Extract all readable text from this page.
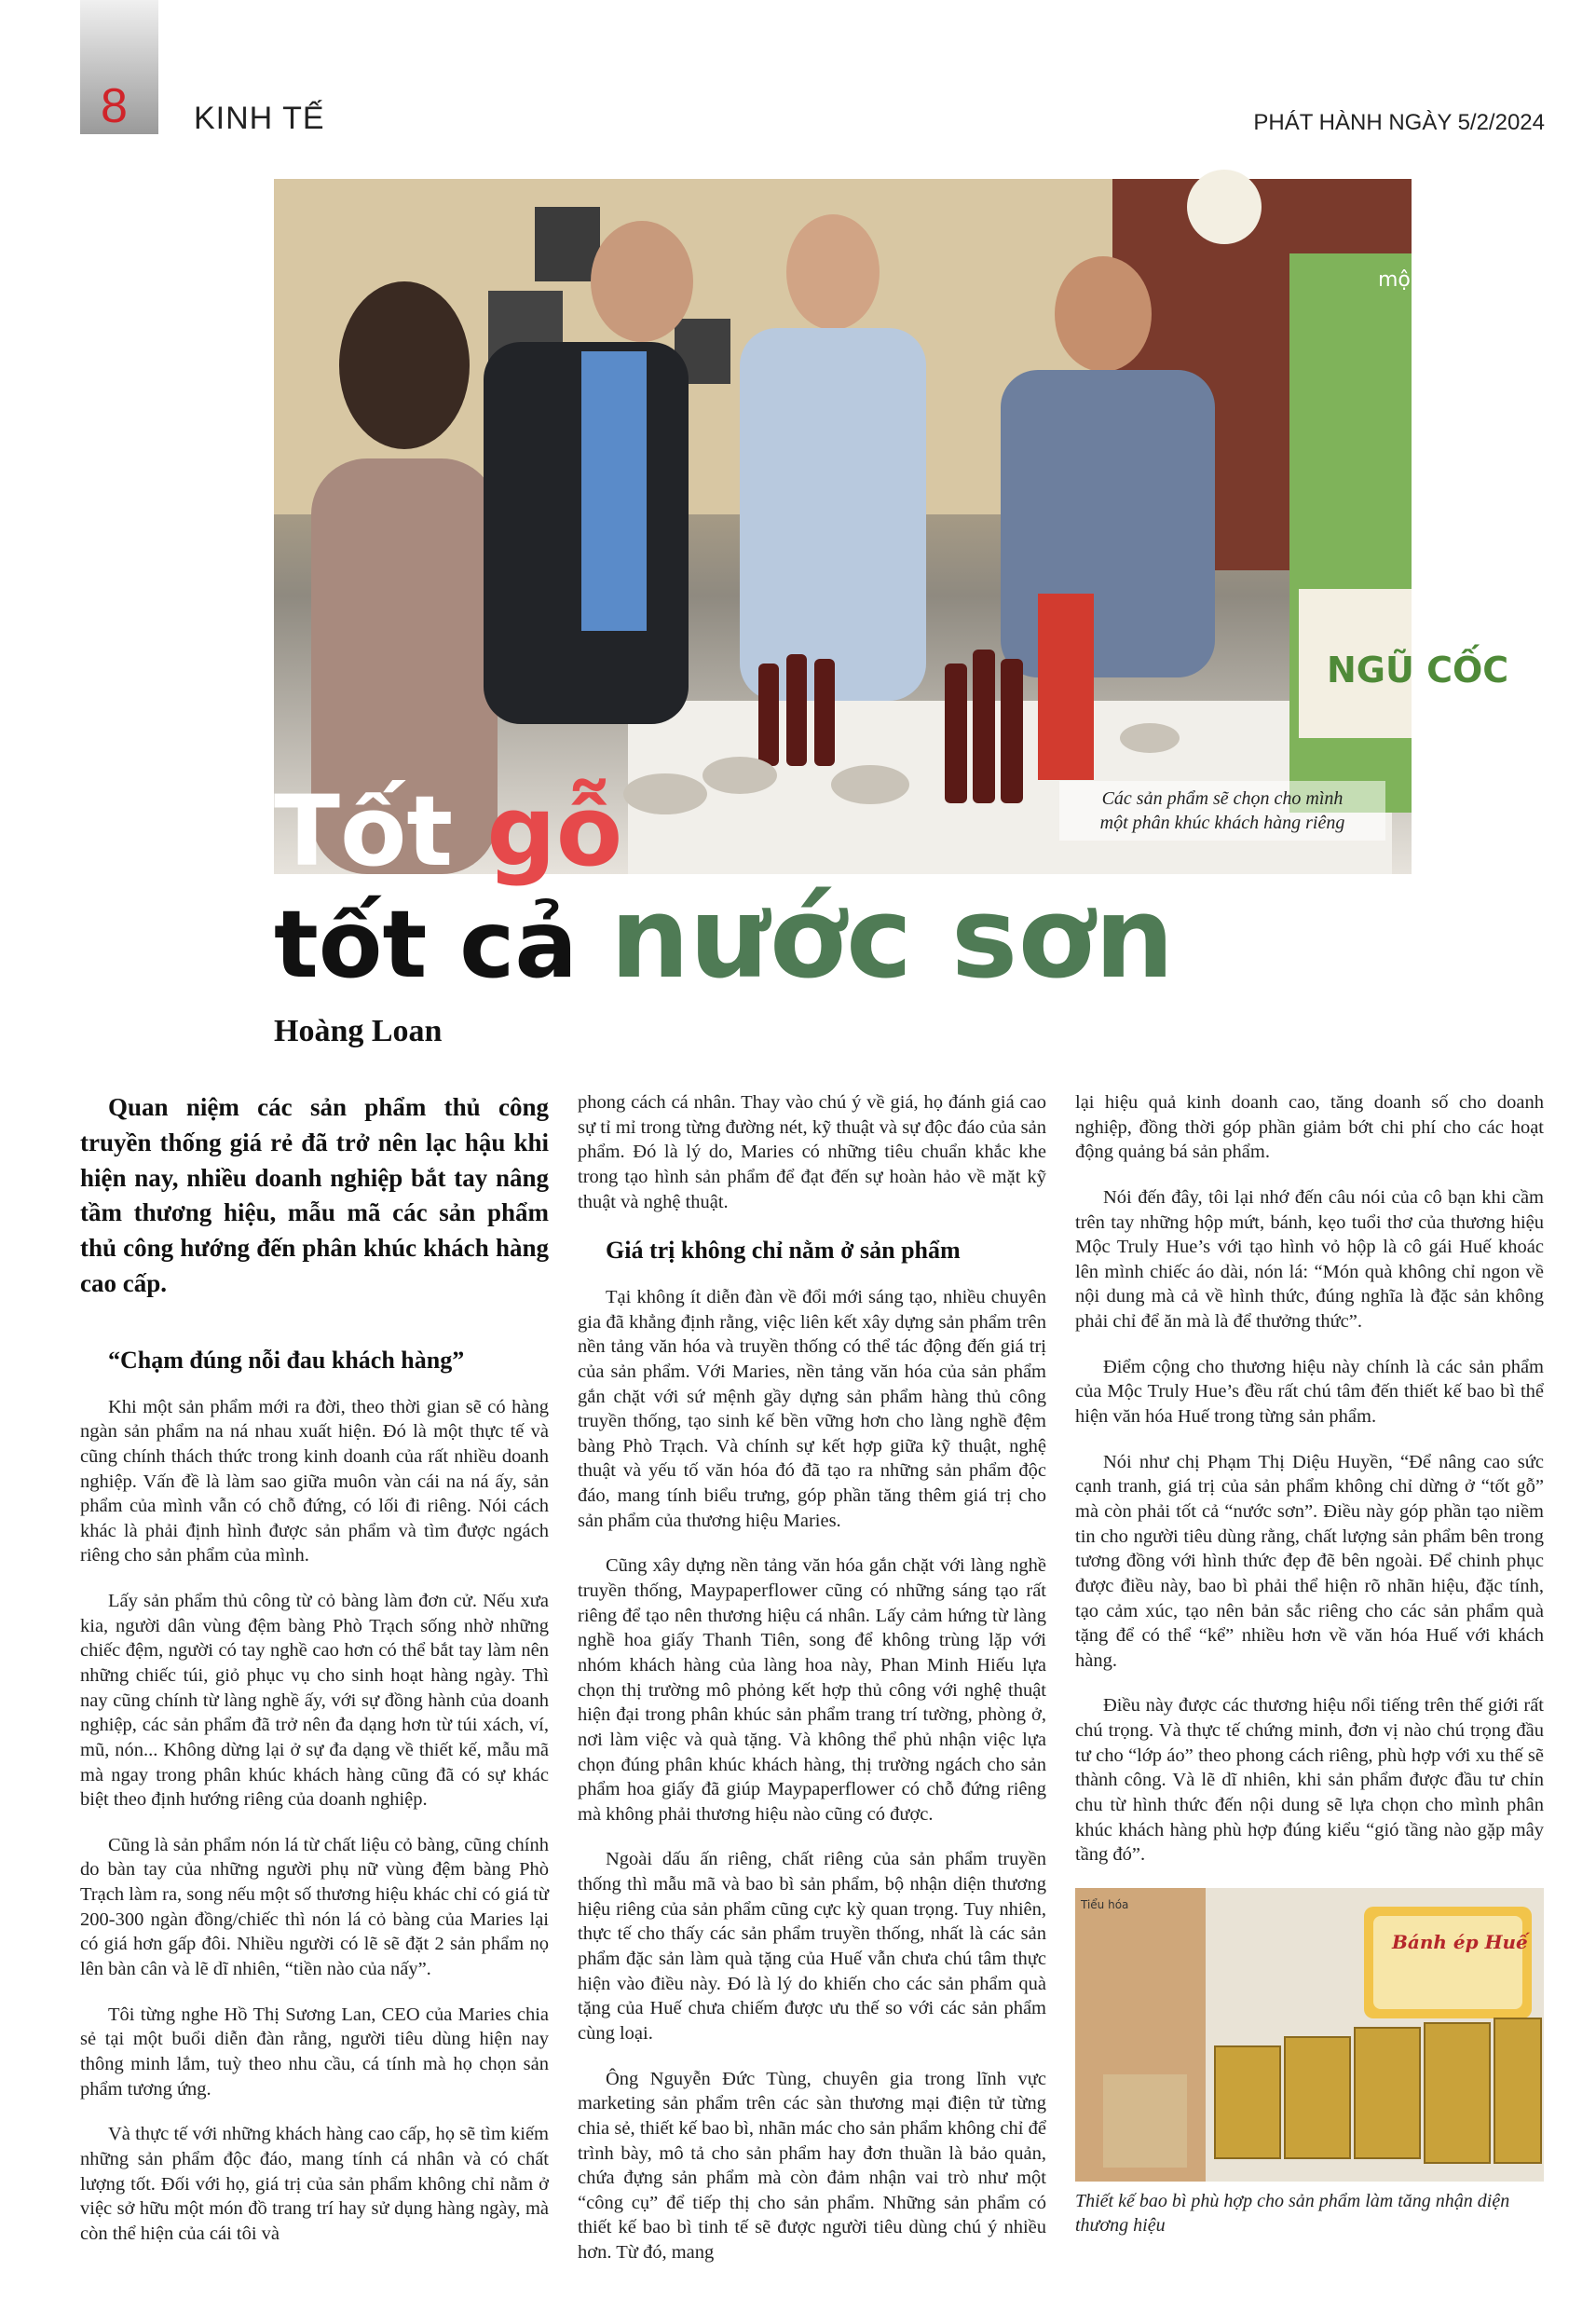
8 KINH TẾ	PHÁT HÀNH NGÀY 5/2/2024
NGŨ CỐC
mộc
Các sản phẩm sẽ chọn cho mình
một phân khúc khách hàng riêng
Tốt gỗ
tốt cả nước sơn
Hoàng Loan
Quan niệm các sản phẩm thủ công truyền thống giá rẻ đã trở nên lạc hậu khi hiện nay, nhiều doanh nghiệp bắt tay nâng tầm thương hiệu, mẫu mã các sản phẩm thủ công hướng đến phân khúc khách hàng cao cấp.
“Chạm đúng nỗi đau khách hàng”

Khi một sản phẩm mới ra đời, theo thời gian sẽ có hàng ngàn sản phẩm na ná nhau xuất hiện. Đó là một thực tế và cũng chính thách thức trong kinh doanh của rất nhiều doanh nghiệp. Vấn đề là làm sao giữa muôn vàn cái na ná ấy, sản phẩm của mình vẫn có chỗ đứng, có lối đi riêng. Nói cách khác là phải định hình được sản phẩm và tìm được ngách riêng cho sản phẩm của mình.

Lấy sản phẩm thủ công từ cỏ bàng làm đơn cử. Nếu xưa kia, người dân vùng đệm bàng Phò Trạch sống nhờ những chiếc đệm, người có tay nghề cao hơn có thể bắt tay làm nên những chiếc túi, giỏ phục vụ cho sinh hoạt hàng ngày. Thì nay cũng chính từ làng nghề ấy, với sự đồng hành của doanh nghiệp, các sản phẩm đã trở nên đa dạng hơn từ túi xách, ví, mũ, nón... Không dừng lại ở sự đa dạng về thiết kế, mẫu mã mà ngay trong phân khúc khách hàng cũng đã có sự khác biệt theo định hướng riêng của doanh nghiệp.

Cũng là sản phẩm nón lá từ chất liệu cỏ bàng, cũng chính do bàn tay của những người phụ nữ vùng đệm bàng Phò Trạch làm ra, song nếu một số thương hiệu khác chỉ có giá từ 200-300 ngàn đồng/chiếc thì nón lá cỏ bàng của Maries lại có giá hơn gấp đôi. Nhiều người có lẽ sẽ đặt 2 sản phẩm nọ lên bàn cân và lẽ dĩ nhiên, “tiền nào của nấy”.

Tôi từng nghe Hồ Thị Sương Lan, CEO của Maries chia sẻ tại một buổi diễn đàn rằng, người tiêu dùng hiện nay thông minh lắm, tuỳ theo nhu cầu, cá tính mà họ chọn sản phẩm tương ứng.

Và thực tế với những khách hàng cao cấp, họ sẽ tìm kiếm những sản phẩm độc đáo, mang tính cá nhân và có chất lượng tốt. Đối với họ, giá trị của sản phẩm không chỉ nằm ở việc sở hữu một món đồ trang trí hay sử dụng hàng ngày, mà còn thể hiện của cái tôi và

phong cách cá nhân. Thay vào chú ý về giá, họ đánh giá cao sự tỉ mỉ trong từng đường nét, kỹ thuật và sự độc đáo của sản phẩm. Đó là lý do, Maries có những tiêu chuẩn khắc khe trong tạo hình sản phẩm để đạt đến sự hoàn hảo về mặt kỹ thuật và nghệ thuật.

Giá trị không chỉ nằm ở sản phẩm

Tại không ít diễn đàn về đổi mới sáng tạo, nhiều chuyên gia đã khẳng định rằng, việc liên kết xây dựng sản phẩm trên nền tảng văn hóa và truyền thống có thể tác động đến giá trị của sản phẩm. Với Maries, nền tảng văn hóa của sản phẩm gắn chặt với sứ mệnh gầy dựng sản phẩm hàng thủ công truyền thống, tạo sinh kế bền vững hơn cho làng nghề đệm bàng Phò Trạch. Và chính sự kết hợp giữa kỹ thuật, nghệ thuật và yếu tố văn hóa đó đã tạo ra những sản phẩm độc đáo, mang tính biểu trưng, góp phần tăng thêm giá trị cho sản phẩm của thương hiệu Maries.

Cũng xây dựng nền tảng văn hóa gắn chặt với làng nghề truyền thống, Maypaperflower cũng có những sáng tạo rất riêng để tạo nên thương hiệu cá nhân. Lấy cảm hứng từ làng nghề hoa giấy Thanh Tiên, song để không trùng lặp với nhóm khách hàng của làng hoa này, Phan Minh Hiếu lựa chọn thị trường mô phỏng kết hợp thủ công với nghệ thuật hiện đại trong phân khúc sản phẩm trang trí tường, phòng ở, nơi làm việc và quà tặng. Và không thể phủ nhận việc lựa chọn đúng phân khúc khách hàng, thị trường ngách cho sản phẩm hoa giấy đã giúp Maypaperflower có chỗ đứng riêng mà không phải thương hiệu nào cũng có được.

Ngoài dấu ấn riêng, chất riêng của sản phẩm truyền thống thì mẫu mã và bao bì sản phẩm, bộ nhận diện thương hiệu riêng của sản phẩm cũng cực kỳ quan trọng. Tuy nhiên, thực tế cho thấy các sản phẩm truyền thống, nhất là các sản phẩm đặc sản làm quà tặng của Huế vẫn chưa chú tâm thực hiện vào điều này. Đó là lý do khiến cho các sản phẩm quà tặng của Huế chưa chiếm được ưu thế so với các sản phẩm cùng loại.

Ông Nguyễn Đức Tùng, chuyên gia trong lĩnh vực marketing sản phẩm trên các sàn thương mại điện tử từng chia sẻ, thiết kế bao bì, nhãn mác cho sản phẩm không chỉ để trình bày, mô tả cho sản phẩm hay đơn thuần là bảo quản, chứa đựng sản phẩm mà còn đảm nhận vai trò như một “công cụ” để tiếp thị cho sản phẩm. Những sản phẩm có thiết kế bao bì tinh tế sẽ được người tiêu dùng chú ý nhiều hơn. Từ đó, mang

lại hiệu quả kinh doanh cao, tăng doanh số cho doanh nghiệp, đồng thời góp phần giảm bớt chi phí cho các hoạt động quảng bá sản phẩm.

Nói đến đây, tôi lại nhớ đến câu nói của cô bạn khi cầm trên tay những hộp mứt, bánh, kẹo tuổi thơ của thương hiệu Mộc Truly Hue’s với tạo hình vỏ hộp là cô gái Huế khoác lên mình chiếc áo dài, nón lá: “Món quà không chỉ ngon về nội dung mà cả về hình thức, đúng nghĩa là đặc sản không phải chỉ để ăn mà là để thưởng thức”.

Điểm cộng cho thương hiệu này chính là các sản phẩm của Mộc Truly Hue’s đều rất chú tâm đến thiết kế bao bì thể hiện văn hóa Huế trong từng sản phẩm.

Nói như chị Phạm Thị Diệu Huyền, “Để nâng cao sức cạnh tranh, giá trị của sản phẩm không chỉ dừng ở “tốt gỗ” mà còn phải tốt cả “nước sơn”. Điều này góp phần tạo niềm tin cho người tiêu dùng rằng, chất lượng sản phẩm bên trong tương đồng với hình thức đẹp đẽ bên ngoài. Để chinh phục được điều này, bao bì phải thể hiện rõ nhãn hiệu, đặc tính, tạo cảm xúc, tạo nên bản sắc riêng cho các sản phẩm quà tặng để có thể “kể” nhiều hơn về văn hóa Huế với khách hàng.

Điều này được các thương hiệu nổi tiếng trên thế giới rất chú trọng. Và thực tế chứng minh, đơn vị nào chú trọng đầu tư cho “lớp áo” theo phong cách riêng, phù hợp với xu thế sẽ thành công. Và lẽ dĩ nhiên, khi sản phẩm được đầu tư chỉn chu từ hình thức đến nội dung sẽ lựa chọn cho mình phân khúc khách hàng phù hợp đúng kiểu “gió tầng nào gặp mây tầng đó”.

Bánh ép Huế
Tiểu hóa
Thiết kế bao bì phù hợp cho sản phẩm làm tăng nhận diện thương hiệu
